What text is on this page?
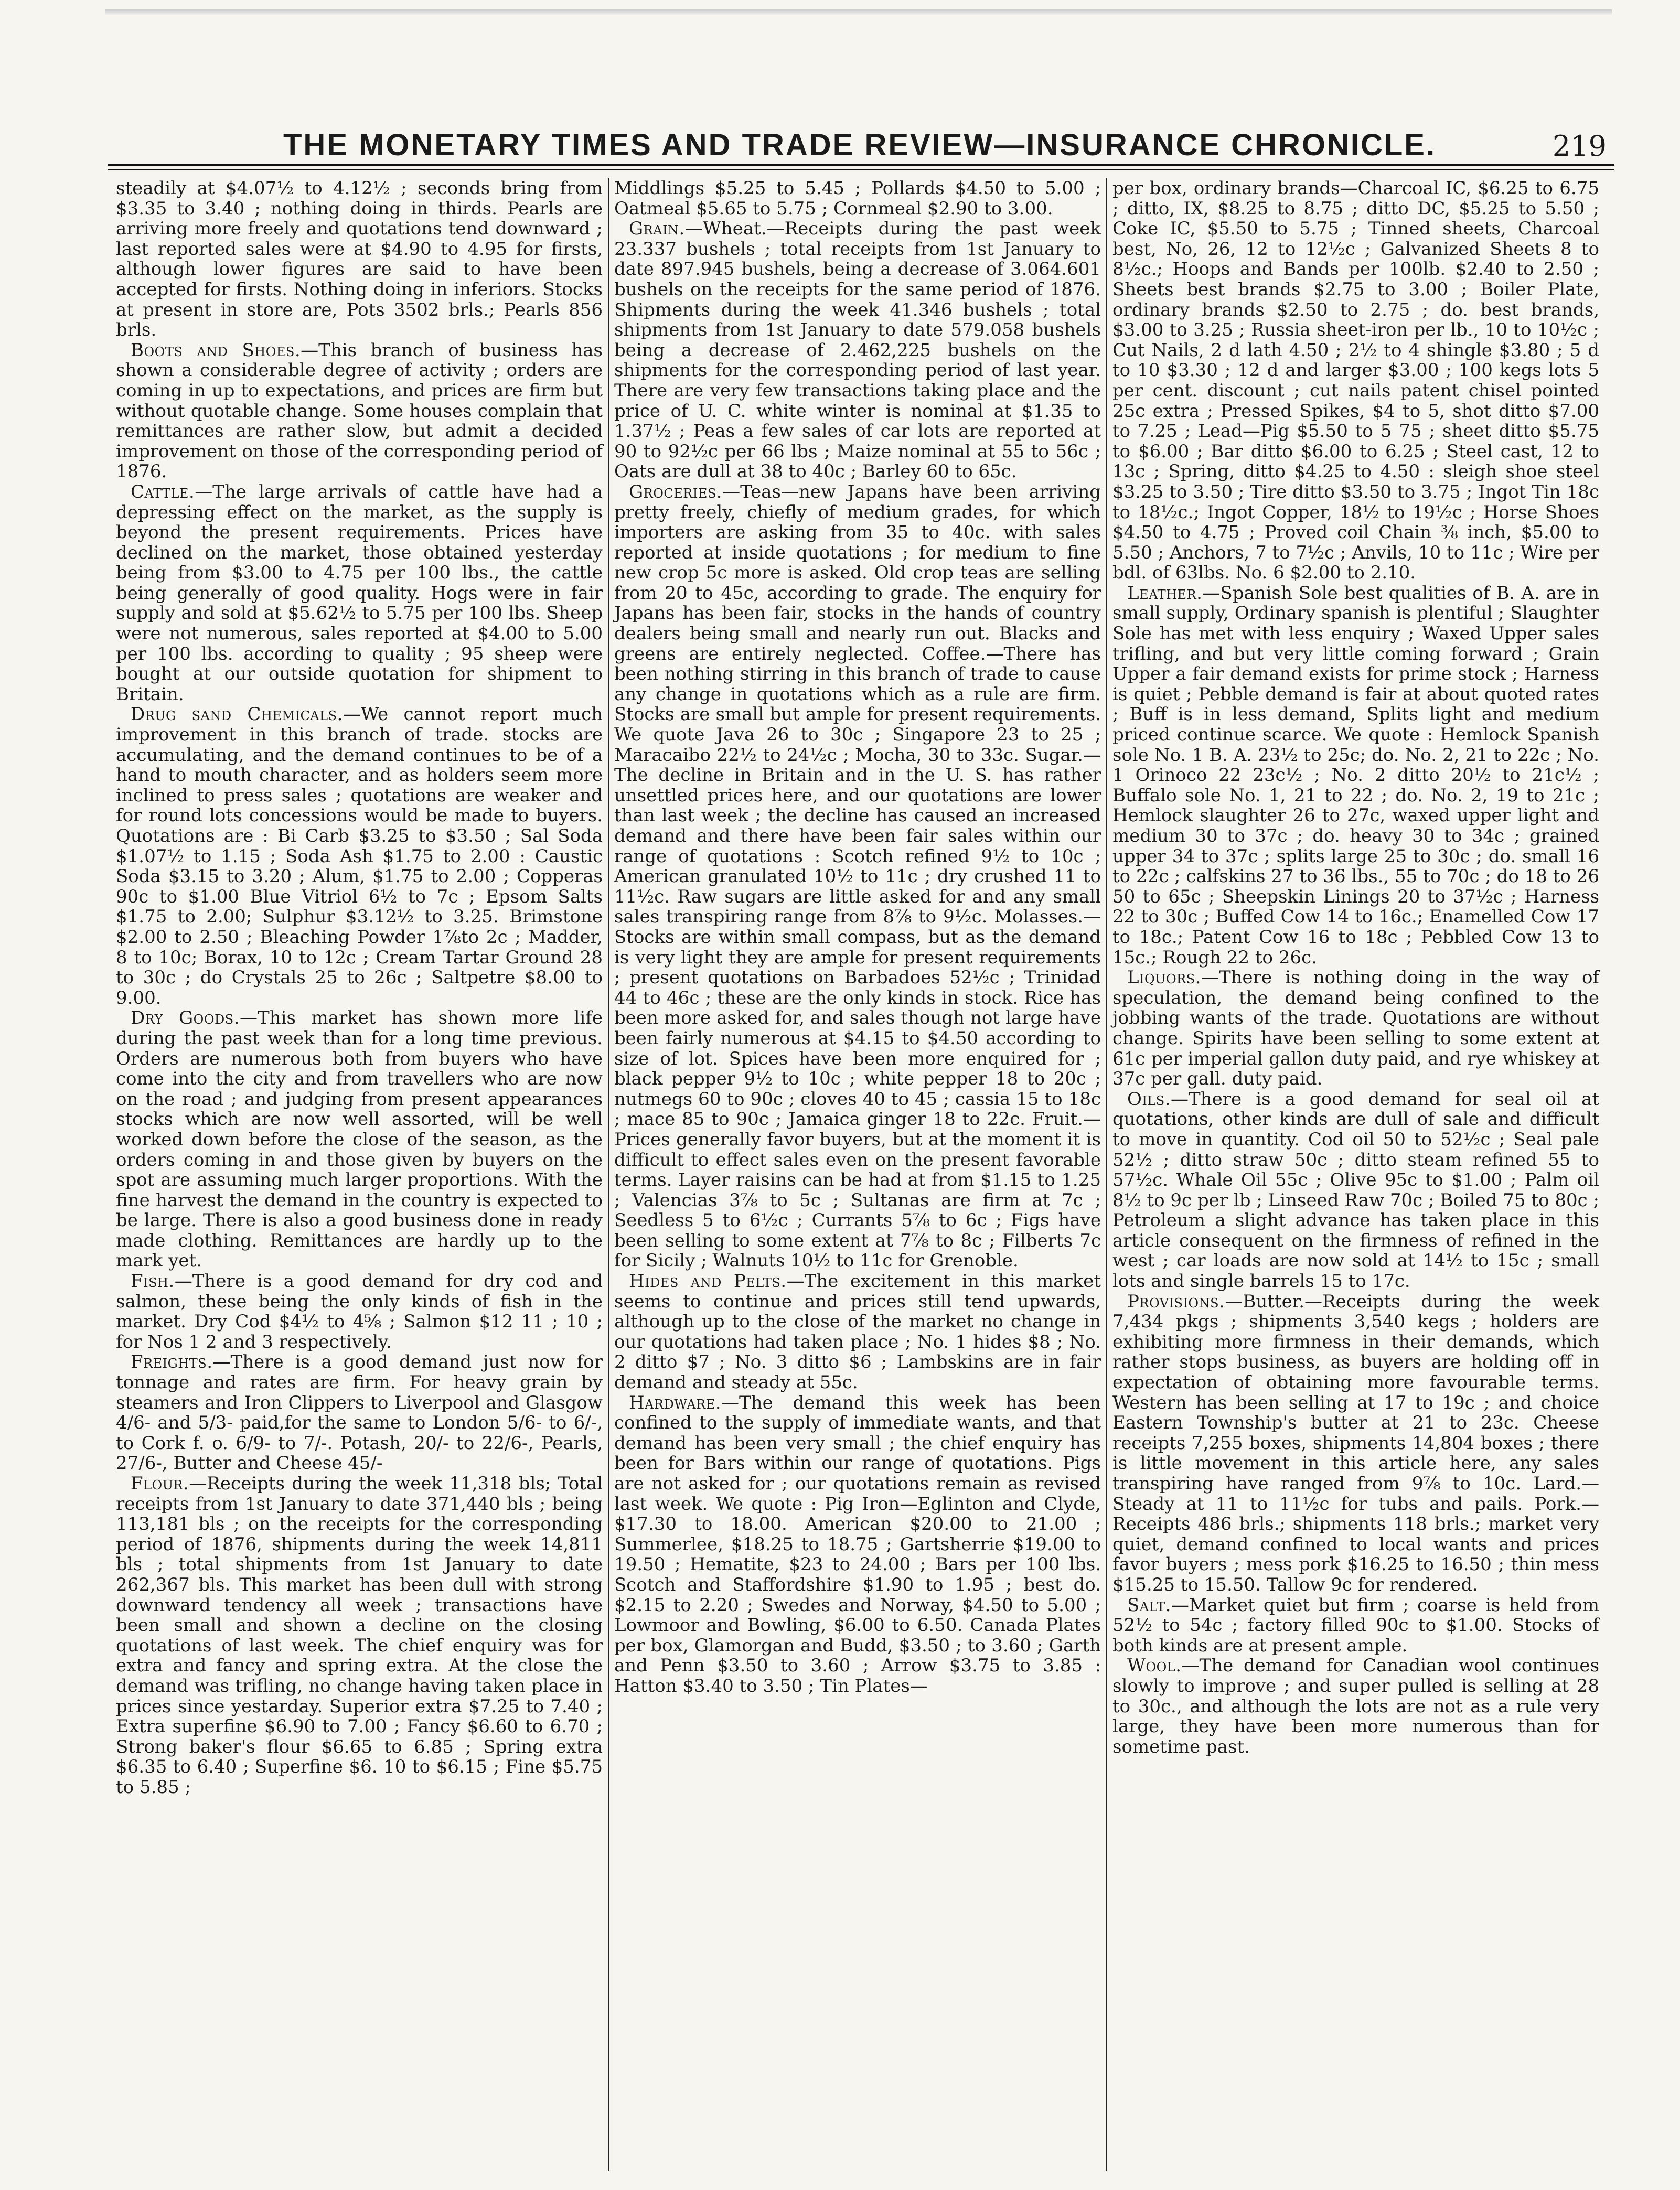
THE MONETARY TIMES AND TRADE REVIEW—INSURANCE CHRONICLE.	219

steadily at $4.07½ to 4.12½ ; seconds bring from $3.35 to 3.40 ; nothing doing in thirds. Pearls are arriving more freely and quotations tend downward ; last reported sales were at $4.90 to 4.95 for firsts, although lower figures are said to have been accepted for firsts. Nothing doing in inferiors. Stocks at present in store are, Pots 3502 brls.; Pearls 856 brls.

Boots and Shoes.—This branch of business has shown a considerable degree of activity ; orders are coming in up to expectations, and prices are firm but without quotable change. Some houses complain that remittances are rather slow, but admit a decided improvement on those of the corresponding period of 1876.

Cattle.—The large arrivals of cattle have had a depressing effect on the market, as the supply is beyond the present requirements. Prices have declined on the market, those obtained yesterday being from $3.00 to 4.75 per 100 lbs., the cattle being generally of good quality. Hogs were in fair supply and sold at $5.62½ to 5.75 per 100 lbs. Sheep were not numerous, sales reported at $4.00 to 5.00 per 100 lbs. according to quality ; 95 sheep were bought at our outside quotation for shipment to Britain.

Drug sand Chemicals.—We cannot report much improvement in this branch of trade. stocks are accumulating, and the demand continues to be of a hand to mouth character, and as holders seem more inclined to press sales ; quotations are weaker and for round lots concessions would be made to buyers. Quotations are : Bi Carb $3.25 to $3.50 ; Sal Soda $1.07½ to 1.15 ; Soda Ash $1.75 to 2.00 : Caustic Soda $3.15 to 3.20 ; Alum, $1.75 to 2.00 ; Copperas 90c to $1.00 Blue Vitriol 6½ to 7c ; Epsom Salts $1.75 to 2.00; Sulphur $3.12½ to 3.25. Brimstone $2.00 to 2.50 ; Bleaching Powder 1⅞to 2c ; Madder, 8 to 10c; Borax, 10 to 12c ; Cream Tartar Ground 28 to 30c ; do Crystals 25 to 26c ; Saltpetre $8.00 to 9.00.

Dry Goods.—This market has shown more life during the past week than for a long time previous. Orders are numerous both from buyers who have come into the city and from travellers who are now on the road ; and judging from present appearances stocks which are now well assorted, will be well worked down before the close of the season, as the orders coming in and those given by buyers on the spot are assuming much larger proportions. With the fine harvest the demand in the country is expected to be large. There is also a good business done in ready made clothing. Remittances are hardly up to the mark yet.

Fish.—There is a good demand for dry cod and salmon, these being the only kinds of fish in the market. Dry Cod $4½ to 4⅝ ; Salmon $12 11 ; 10 ; for Nos 1 2 and 3 respectively.

Freights.—There is a good demand just now for tonnage and rates are firm. For heavy grain by steamers and Iron Clippers to Liverpool and Glasgow 4/6- and 5/3- paid,for the same to London 5/6- to 6/-, to Cork f. o. 6/9- to 7/-. Potash, 20/- to 22/6-, Pearls, 27/6-, Butter and Cheese 45/-

Flour.—Receipts during the week 11,318 bls; Total receipts from 1st January to date 371,440 bls ; being 113,181 bls ; on the receipts for the corresponding period of 1876, shipments during the week 14,811 bls ; total shipments from 1st January to date 262,367 bls. This market has been dull with strong downward tendency all week ; transactions have been small and shown a decline on the closing quotations of last week. The chief enquiry was for extra and fancy and spring extra. At the close the demand was trifling, no change having taken place in prices since yestarday. Superior extra $7.25 to 7.40 ; Extra superfine $6.90 to 7.00 ; Fancy $6.60 to 6.70 ; Strong baker's flour $6.65 to 6.85 ; Spring extra $6.35 to 6.40 ; Superfine $6. 10 to $6.15 ; Fine $5.75 to 5.85 ;

Middlings $5.25 to 5.45 ; Pollards $4.50 to 5.00 ; Oatmeal $5.65 to 5.75 ; Cornmeal $2.90 to 3.00.

Grain.—Wheat.—Receipts during the past week 23.337 bushels ; total receipts from 1st January to date 897.945 bushels, being a decrease of 3.064.601 bushels on the receipts for the same period of 1876. Shipments during the week 41.346 bushels ; total shipments from 1st January to date 579.058 bushels being a decrease of 2.462,225 bushels on the shipments for the corresponding period of last year. There are very few transactions taking place and the price of U. C. white winter is nominal at $1.35 to 1.37½ ; Peas a few sales of car lots are reported at 90 to 92½c per 66 lbs ; Maize nominal at 55 to 56c ; Oats are dull at 38 to 40c ; Barley 60 to 65c.

Groceries.—Teas—new Japans have been arriving pretty freely, chiefly of medium grades, for which importers are asking from 35 to 40c. with sales reported at inside quotations ; for medium to fine new crop 5c more is asked. Old crop teas are selling from 20 to 45c, according to grade. The enquiry for Japans has been fair, stocks in the hands of country dealers being small and nearly run out. Blacks and greens are entirely neglected. Coffee.—There has been nothing stirring in this branch of trade to cause any change in quotations which as a rule are firm. Stocks are small but ample for present requirements. We quote Java 26 to 30c ; Singapore 23 to 25 ; Maracaibo 22½ to 24½c ; Mocha, 30 to 33c. Sugar.—The decline in Britain and in the U. S. has rather unsettled prices here, and our quotations are lower than last week ; the decline has caused an increased demand and there have been fair sales within our range of quotations : Scotch refined 9½ to 10c ; American granulated 10½ to 11c ; dry crushed 11 to 11½c. Raw sugars are little asked for and any small sales transpiring range from 8⅞ to 9½c. Molasses.—Stocks are within small compass, but as the demand is very light they are ample for present requirements ; present quotations on Barbadoes 52½c ; Trinidad 44 to 46c ; these are the only kinds in stock. Rice has been more asked for, and sales though not large have been fairly numerous at $4.15 to $4.50 according to size of lot. Spices have been more enquired for ; black pepper 9½ to 10c ; white pepper 18 to 20c ; nutmegs 60 to 90c ; cloves 40 to 45 ; cassia 15 to 18c ; mace 85 to 90c ; Jamaica ginger 18 to 22c. Fruit.—Prices generally favor buyers, but at the moment it is difficult to effect sales even on the present favorable terms. Layer raisins can be had at from $1.15 to 1.25 ; Valencias 3⅞ to 5c ; Sultanas are firm at 7c ; Seedless 5 to 6½c ; Currants 5⅞ to 6c ; Figs have been selling to some extent at 7⅞ to 8c ; Filberts 7c for Sicily ; Walnuts 10½ to 11c for Grenoble.

Hides and Pelts.—The excitement in this market seems to continue and prices still tend upwards, although up to the close of the market no change in our quotations had taken place ; No. 1 hides $8 ; No. 2 ditto $7 ; No. 3 ditto $6 ; Lambskins are in fair demand and steady at 55c.

Hardware.—The demand this week has been confined to the supply of immediate wants, and that demand has been very small ; the chief enquiry has been for Bars within our range of quotations. Pigs are not asked for ; our quotations remain as revised last week. We quote : Pig Iron—Eglinton and Clyde, $17.30 to 18.00. American $20.00 to 21.00 ; Summerlee, $18.25 to 18.75 ; Gartsherrie $19.00 to 19.50 ; Hematite, $23 to 24.00 ; Bars per 100 lbs. Scotch and Staffordshire $1.90 to 1.95 ; best do. $2.15 to 2.20 ; Swedes and Norway, $4.50 to 5.00 ; Lowmoor and Bowling, $6.00 to 6.50. Canada Plates per box, Glamorgan and Budd, $3.50 ; to 3.60 ; Garth and Penn $3.50 to 3.60 ; Arrow $3.75 to 3.85 : Hatton $3.40 to 3.50 ; Tin Plates—

per box, ordinary brands—Charcoal IC, $6.25 to 6.75 ; ditto, IX, $8.25 to 8.75 ; ditto DC, $5.25 to 5.50 ; Coke IC, $5.50 to 5.75 ; Tinned sheets, Charcoal best, No, 26, 12 to 12½c ; Galvanized Sheets 8 to 8½c.; Hoops and Bands per 100lb. $2.40 to 2.50 ; Sheets best brands $2.75 to 3.00 ; Boiler Plate, ordinary brands $2.50 to 2.75 ; do. best brands, $3.00 to 3.25 ; Russia sheet-iron per lb., 10 to 10½c ; Cut Nails, 2 d lath 4.50 ; 2½ to 4 shingle $3.80 ; 5 d to 10 $3.30 ; 12 d and larger $3.00 ; 100 kegs lots 5 per cent. discount ; cut nails patent chisel pointed 25c extra ; Pressed Spikes, $4 to 5, shot ditto $7.00 to 7.25 ; Lead—Pig $5.50 to 5 75 ; sheet ditto $5.75 to $6.00 ; Bar ditto $6.00 to 6.25 ; Steel cast, 12 to 13c ; Spring, ditto $4.25 to 4.50 : sleigh shoe steel $3.25 to 3.50 ; Tire ditto $3.50 to 3.75 ; Ingot Tin 18c to 18½c.; Ingot Copper, 18½ to 19½c ; Horse Shoes $4.50 to 4.75 ; Proved coil Chain ⅜ inch, $5.00 to 5.50 ; Anchors, 7 to 7½c ; Anvils, 10 to 11c ; Wire per bdl. of 63lbs. No. 6 $2.00 to 2.10.

Leather.—Spanish Sole best qualities of B. A. are in small supply, Ordinary spanish is plentiful ; Slaughter Sole has met with less enquiry ; Waxed Upper sales trifling, and but very little coming forward ; Grain Upper a fair demand exists for prime stock ; Harness is quiet ; Pebble demand is fair at about quoted rates ; Buff is in less demand, Splits light and medium priced continue scarce. We quote : Hemlock Spanish sole No. 1 B. A. 23½ to 25c; do. No. 2, 21 to 22c ; No. 1 Orinoco 22 23c½ ; No. 2 ditto 20½ to 21c½ ; Buffalo sole No. 1, 21 to 22 ; do. No. 2, 19 to 21c ; Hemlock slaughter 26 to 27c, waxed upper light and medium 30 to 37c ; do. heavy 30 to 34c ; grained upper 34 to 37c ; splits large 25 to 30c ; do. small 16 to 22c ; calfskins 27 to 36 lbs., 55 to 70c ; do 18 to 26 50 to 65c ; Sheepskin Linings 20 to 37½c ; Harness 22 to 30c ; Buffed Cow 14 to 16c.; Enamelled Cow 17 to 18c.; Patent Cow 16 to 18c ; Pebbled Cow 13 to 15c.; Rough 22 to 26c.

Liquors.—There is nothing doing in the way of speculation, the demand being confined to the jobbing wants of the trade. Quotations are without change. Spirits have been selling to some extent at 61c per imperial gallon duty paid, and rye whiskey at 37c per gall. duty paid.

Oils.—There is a good demand for seal oil at quotations, other kinds are dull of sale and difficult to move in quantity. Cod oil 50 to 52½c ; Seal pale 52½ ; ditto straw 50c ; ditto steam refined 55 to 57½c. Whale Oil 55c ; Olive 95c to $1.00 ; Palm oil 8½ to 9c per lb ; Linseed Raw 70c ; Boiled 75 to 80c ; Petroleum a slight advance has taken place in this article consequent on the firmness of refined in the west ; car loads are now sold at 14½ to 15c ; small lots and single barrels 15 to 17c.

Provisions.—Butter.—Receipts during the week 7,434 pkgs ; shipments 3,540 kegs ; holders are exhibiting more firmness in their demands, which rather stops business, as buyers are holding off in expectation of obtaining more favourable terms. Western has been selling at 17 to 19c ; and choice Eastern Township's butter at 21 to 23c. Cheese receipts 7,255 boxes, shipments 14,804 boxes ; there is little movement in this article here, any sales transpiring have ranged from 9⅞ to 10c. Lard.—Steady at 11 to 11½c for tubs and pails. Pork.—Receipts 486 brls.; shipments 118 brls.; market very quiet, demand confined to local wants and prices favor buyers ; mess pork $16.25 to 16.50 ; thin mess $15.25 to 15.50. Tallow 9c for rendered.

Salt.—Market quiet but firm ; coarse is held from 52½ to 54c ; factory filled 90c to $1.00. Stocks of both kinds are at present ample.

Wool.—The demand for Canadian wool continues slowly to improve ; and super pulled is selling at 28 to 30c., and although the lots are not as a rule very large, they have been more numerous than for sometime past.
